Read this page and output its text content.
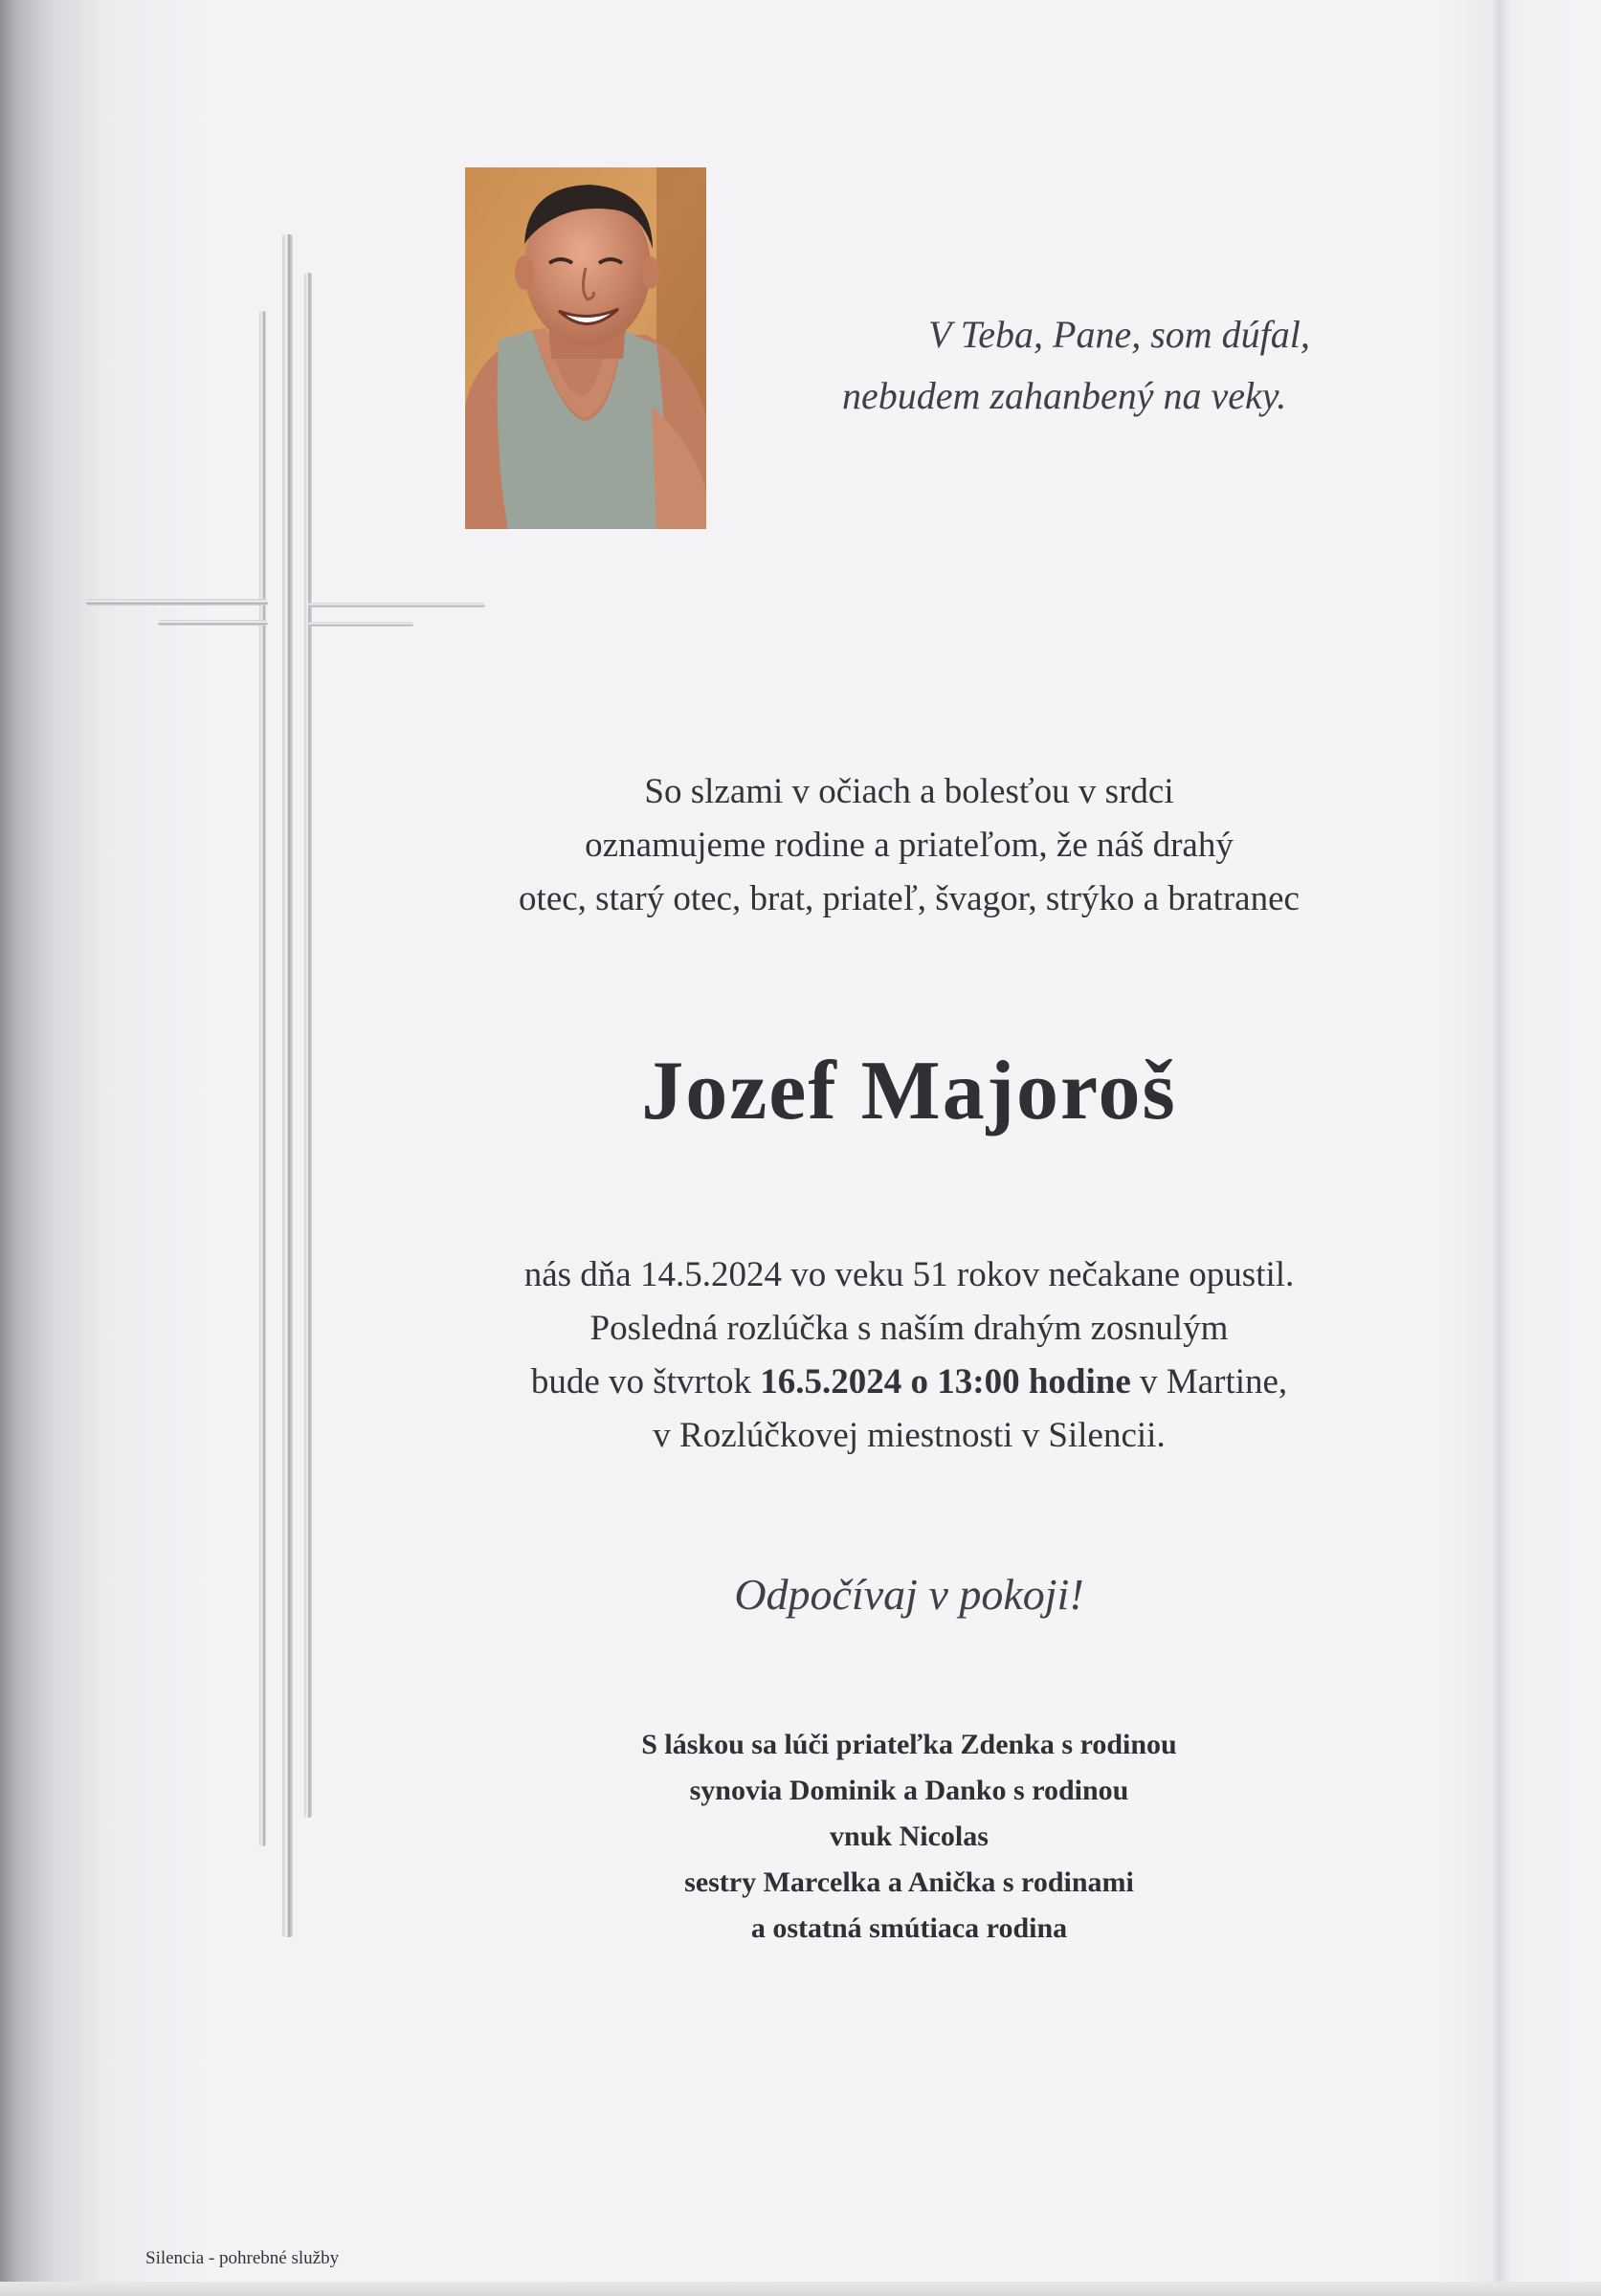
V Teba, Pane, som dúfal,
nebudem zahanbený na veky.
So slzami v očiach a bolesťou v srdci
oznamujeme rodine a priateľom, že náš drahý
otec, starý otec, brat, priateľ, švagor, strýko a bratranec
Jozef Majoroš
nás dňa 14.5.2024 vo veku 51 rokov nečakane opustil.
Posledná rozlúčka s naším drahým zosnulým
bude vo štvrtok 16.5.2024 o 13:00 hodine v Martine,
v Rozlúčkovej miestnosti v Silencii.
Odpočívaj v pokoji!
S láskou sa lúči priateľka Zdenka s rodinou
synovia Dominik a Danko s rodinou
vnuk Nicolas
sestry Marcelka a Anička s rodinami
a ostatná smútiaca rodina
Silencia - pohrebné služby
